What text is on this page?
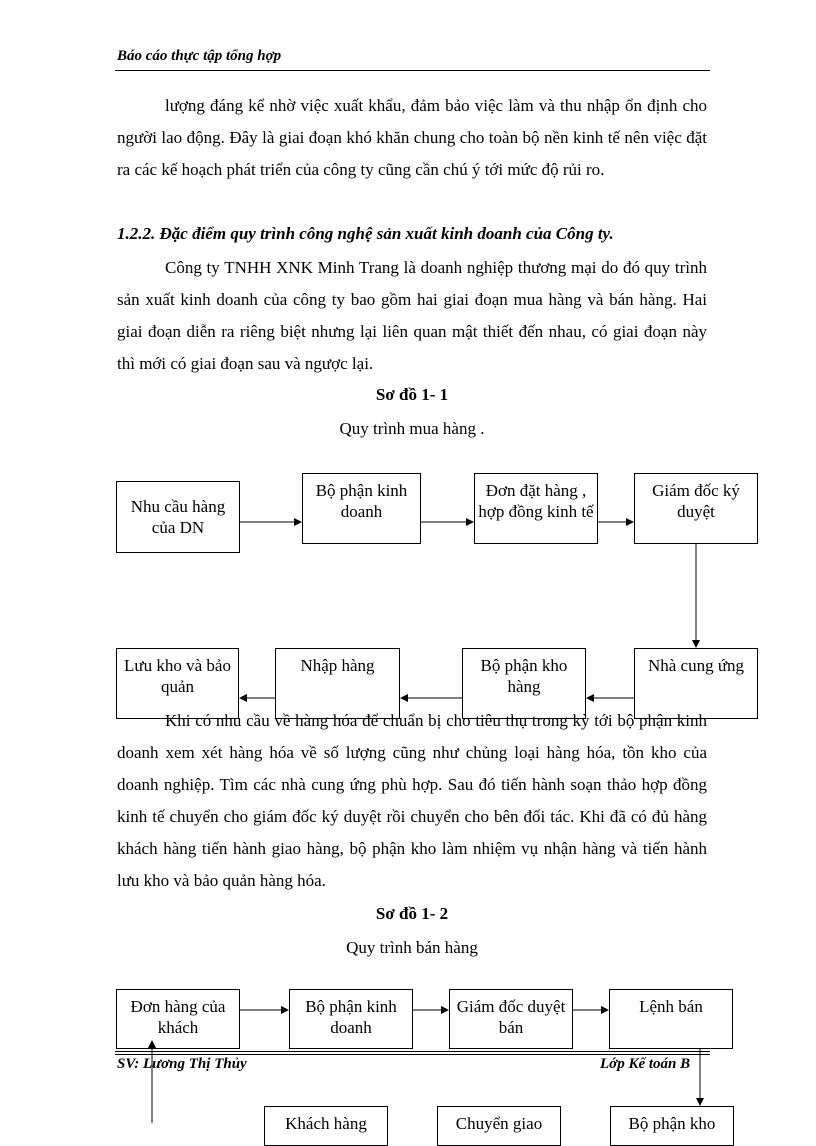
Báo cáo thực tập tổng hợp

lượng đáng kể nhờ việc xuất khẩu, đảm bảo việc làm và thu nhập ổn định cho người lao động. Đây là giai đoạn khó khăn chung cho toàn bộ nền kinh tế nên việc đặt ra các kế hoạch phát triển của công ty cũng cần chú ý tới mức độ rủi ro.

1.2.2. Đặc điểm quy trình công nghệ sản xuất kinh doanh của Công ty.

Công ty TNHH XNK Minh Trang là doanh nghiệp thương mại do đó quy trình sản xuất kinh doanh của công ty bao gồm hai giai đoạn mua hàng và bán hàng. Hai giai đoạn diễn ra riêng biệt nhưng lại liên quan mật thiết đến nhau, có giai đoạn này thì mới có giai đoạn sau và ngược lại.

Sơ đồ 1- 1
Quy trình mua hàng .
Nhu cầu hàng của DN
Bộ phận kinh doanh
Đơn đặt hàng , hợp đồng kinh tế
Giám đốc ký duyệt
Nhà cung ứng
Bộ phận kho hàng
Nhập hàng
Lưu kho và bảo quản

Khi có nhu cầu về hàng hóa để chuẩn bị cho tiêu thụ trong kỳ tới bộ phận kinh doanh xem xét hàng hóa về số lượng cũng như chủng loại hàng hóa, tồn kho của doanh nghiệp. Tìm các nhà cung ứng phù hợp. Sau đó tiến hành soạn thảo hợp đồng kinh tế chuyển cho giám đốc ký duyệt rồi chuyển cho bên đối tác. Khi đã có đủ hàng khách hàng tiến hành giao hàng, bộ phận kho làm nhiệm vụ nhận hàng và tiến hành lưu kho và bảo quản hàng hóa.

Sơ đồ 1- 2
Quy trình bán hàng
Đơn hàng của khách
Bộ phận kinh doanh
Giám đốc duyệt bán
Lệnh bán
Khách hàng	Chuyển giao	Bộ phận kho
SV: Lương Thị Thủy	Lớp Kế toán B
